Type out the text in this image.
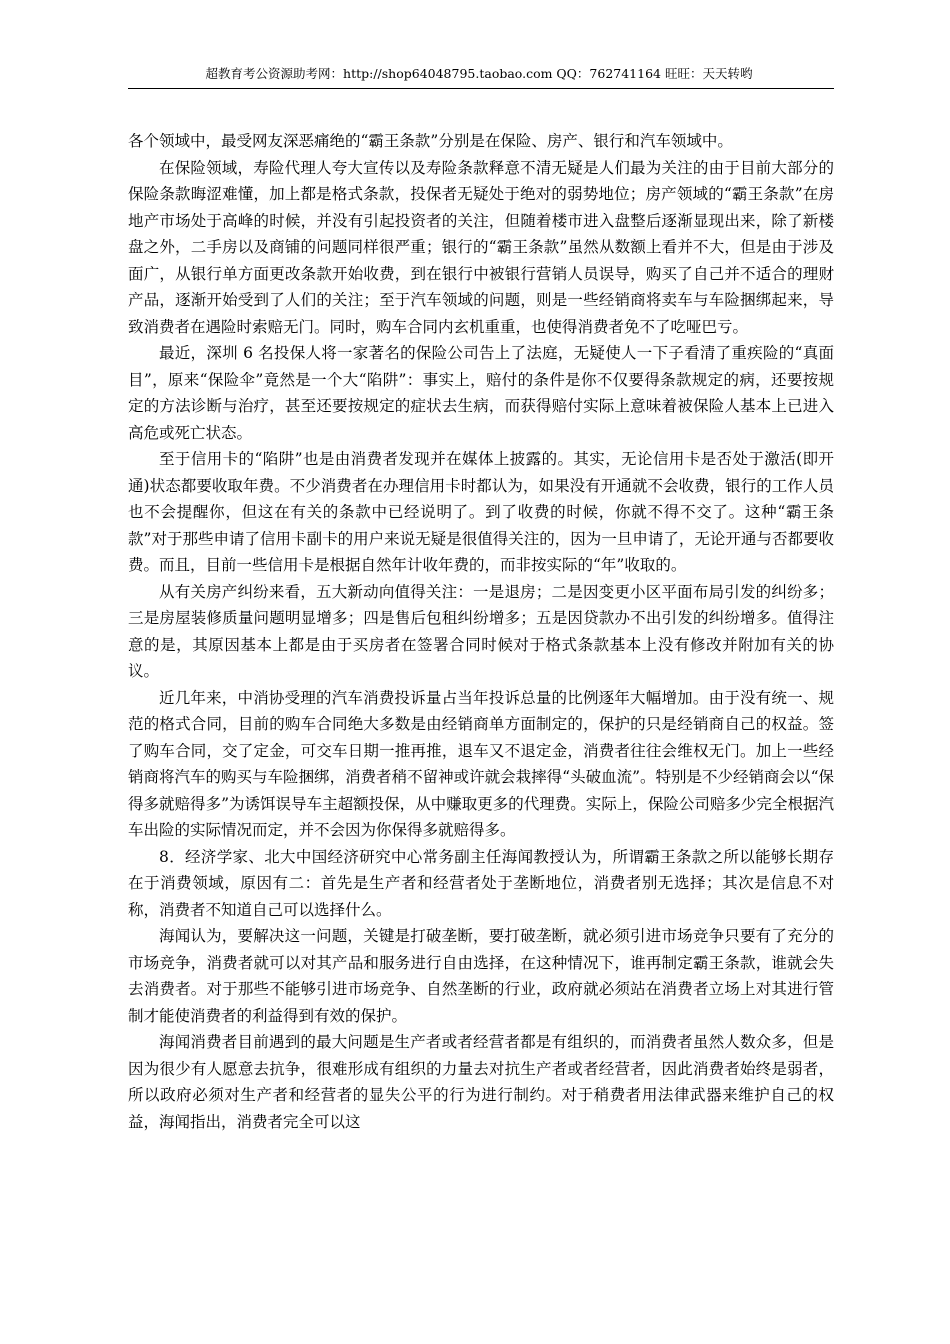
超教育考公资源助考网：http://shop64048795.taobao.com QQ：762741164 旺旺：天天转哟

各个领域中，最受网友深恶痛绝的“霸王条款”分别是在保险、房产、银行和汽车领域中。

在保险领域，寿险代理人夸大宣传以及寿险条款释意不清无疑是人们最为关注的由于目前大部分的保险条款晦涩难懂，加上都是格式条款，投保者无疑处于绝对的弱势地位；房产领域的“霸王条款”在房地产市场处于高峰的时候，并没有引起投资者的关注，但随着楼市进入盘整后逐渐显现出来，除了新楼盘之外，二手房以及商铺的问题同样很严重；银行的“霸王条款”虽然从数额上看并不大，但是由于涉及面广，从银行单方面更改条款开始收费，到在银行中被银行营销人员误导，购买了自己并不适合的理财产品，逐渐开始受到了人们的关注；至于汽车领域的问题，则是一些经销商将卖车与车险捆绑起来，导致消费者在遇险时索赔无门。同时，购车合同内玄机重重，也使得消费者免不了吃哑巴亏。

最近，深圳 6 名投保人将一家著名的保险公司告上了法庭，无疑使人一下子看清了重疾险的“真面目”，原来“保险伞”竟然是一个大“陷阱”：事实上，赔付的条件是你不仅要得条款规定的病，还要按规定的方法诊断与治疗，甚至还要按规定的症状去生病，而获得赔付实际上意味着被保险人基本上已进入高危或死亡状态。

至于信用卡的“陷阱”也是由消费者发现并在媒体上披露的。其实，无论信用卡是否处于激活(即开通)状态都要收取年费。不少消费者在办理信用卡时都认为，如果没有开通就不会收费，银行的工作人员也不会提醒你，但这在有关的条款中已经说明了。到了收费的时候，你就不得不交了。这种“霸王条款”对于那些申请了信用卡副卡的用户来说无疑是很值得关注的，因为一旦申请了，无论开通与否都要收费。而且，目前一些信用卡是根据自然年计收年费的，而非按实际的“年”收取的。

从有关房产纠纷来看，五大新动向值得关注：一是退房；二是因变更小区平面布局引发的纠纷多；三是房屋装修质量问题明显增多；四是售后包租纠纷增多；五是因贷款办不出引发的纠纷增多。值得注意的是，其原因基本上都是由于买房者在签署合同时候对于格式条款基本上没有修改并附加有关的协议。

近几年来，中消协受理的汽车消费投诉量占当年投诉总量的比例逐年大幅增加。由于没有统一、规范的格式合同，目前的购车合同绝大多数是由经销商单方面制定的，保护的只是经销商自己的权益。签了购车合同，交了定金，可交车日期一推再推，退车又不退定金，消费者往往会维权无门。加上一些经销商将汽车的购买与车险捆绑，消费者稍不留神或许就会栽摔得“头破血流”。特别是不少经销商会以“保得多就赔得多”为诱饵误导车主超额投保，从中赚取更多的代理费。实际上，保险公司赔多少完全根据汽车出险的实际情况而定，并不会因为你保得多就赔得多。

8．经济学家、北大中国经济研究中心常务副主任海闻教授认为，所谓霸王条款之所以能够长期存在于消费领域，原因有二：首先是生产者和经营者处于垄断地位，消费者别无选择；其次是信息不对称，消费者不知道自己可以选择什么。

海闻认为，要解决这一问题，关键是打破垄断，要打破垄断，就必须引进市场竞争只要有了充分的市场竞争，消费者就可以对其产品和服务进行自由选择，在这种情况下，谁再制定霸王条款，谁就会失去消费者。对于那些不能够引进市场竞争、自然垄断的行业，政府就必须站在消费者立场上对其进行管制才能使消费者的利益得到有效的保护。

海闻消费者目前遇到的最大问题是生产者或者经营者都是有组织的，而消费者虽然人数众多，但是因为很少有人愿意去抗争，很难形成有组织的力量去对抗生产者或者经营者，因此消费者始终是弱者，所以政府必须对生产者和经营者的显失公平的行为进行制约。对于稍费者用法律武器来维护自己的权益，海闻指出，消费者完全可以这
